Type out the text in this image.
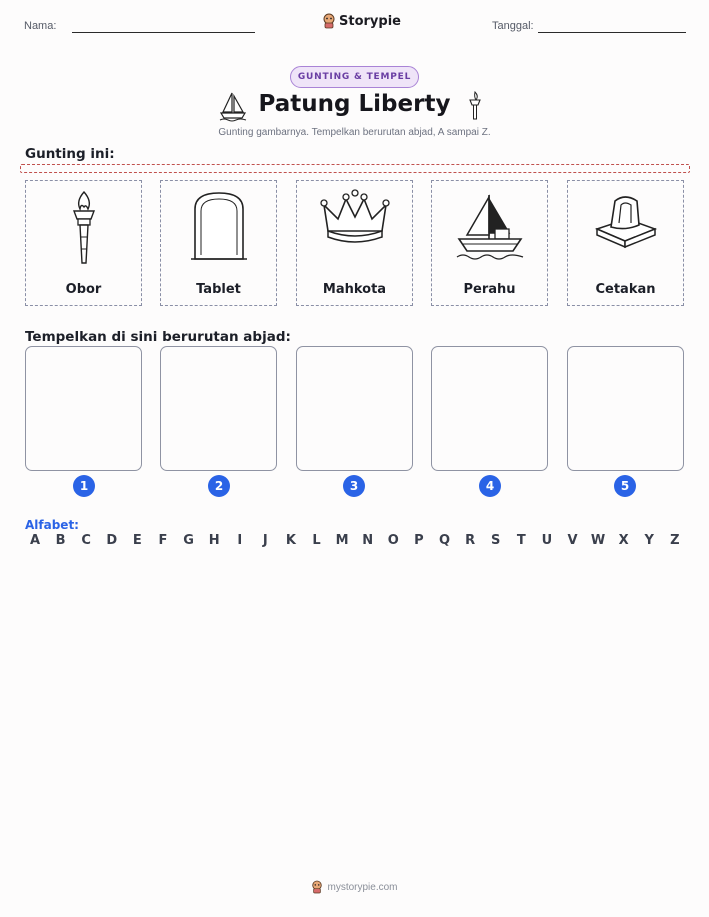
Nama:	Tanggal:
Storypie
GUNTING & TEMPEL
Patung Liberty
Gunting gambarnya. Tempelkan berurutan abjad, A sampai Z.
Gunting ini:
Obor	Tablet	Mahkota	Perahu	Cetakan
Tempelkan di sini berurutan abjad:
1	2	3	4	5
Alfabet:
A	B	C	D	E	F	G	H	I	J	K	L	M	N	O	P	Q	R	S	T	U	V	W	X	Y	Z
mystorypie.com
